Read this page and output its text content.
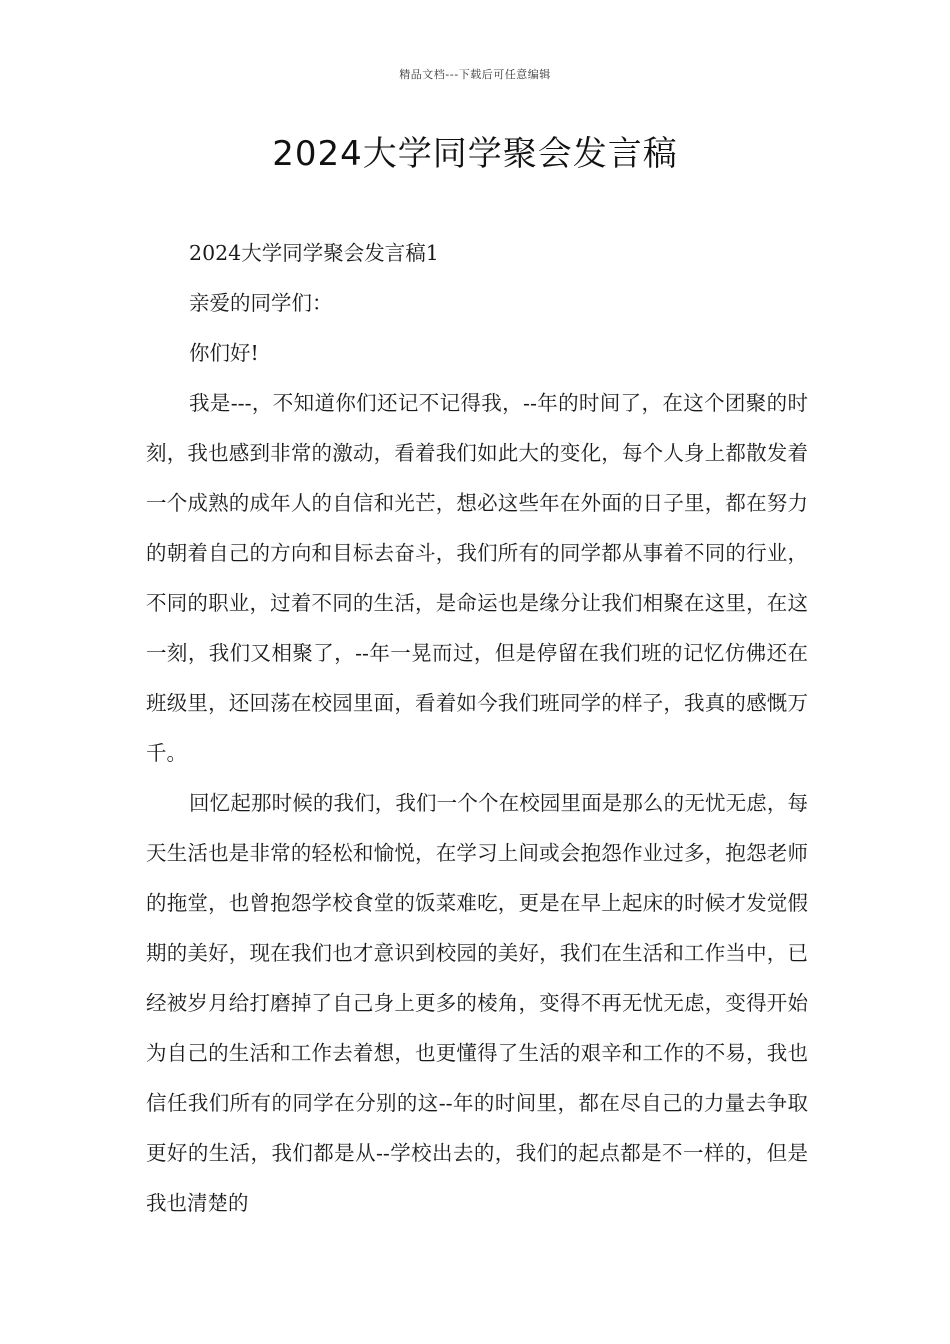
精品文档---下载后可任意编辑
2024大学同学聚会发言稿

2024大学同学聚会发言稿1

亲爱的同学们：

你们好!

我是---，不知道你们还记不记得我，--年的时间了，在这个团聚的时刻，我也感到非常的激动，看着我们如此大的变化，每个人身上都散发着一个成熟的成年人的自信和光芒，想必这些年在外面的日子里，都在努力的朝着自己的方向和目标去奋斗，我们所有的同学都从事着不同的行业，不同的职业，过着不同的生活，是命运也是缘分让我们相聚在这里，在这一刻，我们又相聚了，--年一晃而过，但是停留在我们班的记忆仿佛还在班级里，还回荡在校园里面，看着如今我们班同学的样子，我真的感慨万千。

回忆起那时候的我们，我们一个个在校园里面是那么的无忧无虑，每天生活也是非常的轻松和愉悦，在学习上间或会抱怨作业过多，抱怨老师的拖堂，也曾抱怨学校食堂的饭菜难吃，更是在早上起床的时候才发觉假期的美好，现在我们也才意识到校园的美好，我们在生活和工作当中，已经被岁月给打磨掉了自己身上更多的棱角，变得不再无忧无虑，变得开始为自己的生活和工作去着想，也更懂得了生活的艰辛和工作的不易，我也信任我们所有的同学在分别的这--年的时间里，都在尽自己的力量去争取更好的生活，我们都是从--学校出去的，我们的起点都是不一样的，但是我也清楚的
